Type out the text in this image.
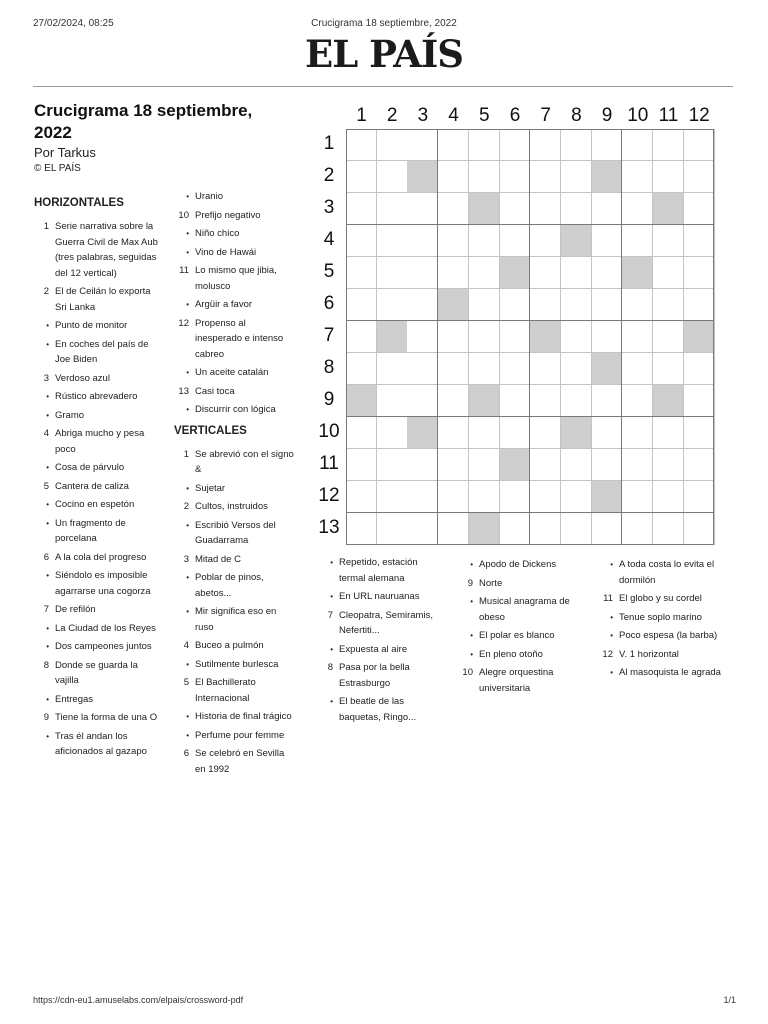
27/02/2024, 08:25	Crucigrama 18 septiembre, 2022
EL PAÍS
Crucigrama 18 septiembre, 2022
Por Tarkus
© EL PAÍS
HORIZONTALES
1 Serie narrativa sobre la Guerra Civil de Max Aub (tres palabras, seguidas del 12 vertical)
2 El de Ceilán lo exporta Sri Lanka
• Punto de monitor
• En coches del país de Joe Biden
3 Verdoso azul
• Rústico abrevadero
• Gramo
4 Abriga mucho y pesa poco
• Cosa de párvulo
5 Cantera de caliza
• Cocino en espetón
• Un fragmento de porcelana
6 A la cola del progreso
• Siéndolo es imposible agarrarse una cogorza
7 De refilón
• La Ciudad de los Reyes
• Dos campeones juntos
8 Donde se guarda la vajilla
• Entregas
9 Tiene la forma de una O
• Tras él andan los aficionados al gazapo
• Uranio
10 Prefijo negativo
• Niño chico
• Vino de Hawái
11 Lo mismo que jibia, molusco
• Argüir a favor
12 Propenso al inesperado e intenso cabreo
• Un aceite catalán
13 Casi toca
• Discurrir con lógica
VERTICALES
1 Se abrevió con el signo &
• Sujetar
2 Cultos, instruidos
• Escribió Versos del Guadarrama
3 Mitad de C
• Poblar de pinos, abetos...
• Mir significa eso en ruso
4 Buceo a pulmón
• Sutilmente burlesca
5 El Bachillerato Internacional
• Historia de final trágico
• Perfume pour femme
6 Se celebró en Sevilla en 1992
• Repetido, estación termal alemana
• En URL nauruanas
7 Cleopatra, Semiramis, Nefertiti...
• Expuesta al aire
8 Pasa por la bella Estrasburgo
• El beatle de las baquetas, Ringo...
• Apodo de Dickens
9 Norte
• Musical anagrama de obeso
• El polar es blanco
• En pleno otoño
10 Alegre orquestina universitaria
• A toda costa lo evita el dormilón
11 El globo y su cordel
• Tenue soplo marino
• Poco espesa (la barba)
12 V. 1 horizontal
• Al masoquista le agrada
1	2	3	4	5	6	7	8	9 10 11 12
1
2
3
4
5
6
7
8
9
10
11
12
13
https://cdn-eu1.amuselabs.com/elpais/crossword-pdf	1/1
